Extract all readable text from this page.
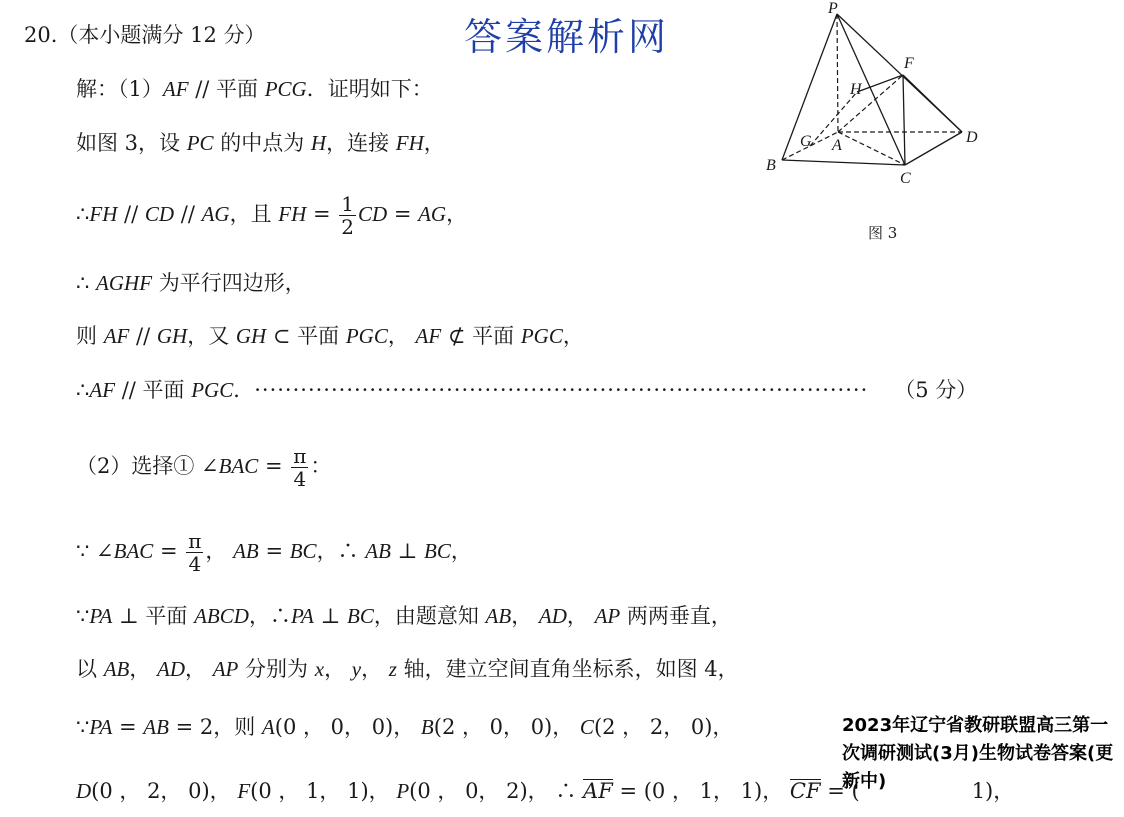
答案解析网
P
F
H
G A	D
B
C
图 3
20.（本小题满分 12 分）
解：（1）AF // 平面 PCG．证明如下：
如图 3，设 PC 的中点为 H，连接 FH，
∴FH // CD // AG，且 FH = $\frac{1}{2}$ CD = AG，
∴ AGHF 为平行四边形，
则 AF // GH，又 GH ⊂ 平面 PGC， AF ⊄ 平面 PGC，
∴AF // 平面 PGC．················································································ （5 分）
（2）选择① ∠BAC = $\frac{\pi}{4}$ ：
∵ ∠BAC = $\frac{\pi}{4}$ ， AB = BC，∴ AB ⊥ BC，
∵PA ⊥ 平面 ABCD，∴PA ⊥ BC，由题意知 AB， AD， AP 两两垂直，
以 AB， AD， AP 分别为 x， y， z 轴，建立空间直角坐标系，如图 4，
∵PA = AB = 2，则 A(0 ， 0， 0)， B(2 ， 0， 0)， C(2 ， 2， 0)，
D(0 ， 2， 0)， F(0 ， 1， 1)， P(0 ， 0， 2)， ∴ AF = (0 ， 1， 1)， CF = (	1)，
2023年辽宁省教研联盟高三第一次调研测试(3月)生物试卷答案(更新中)
